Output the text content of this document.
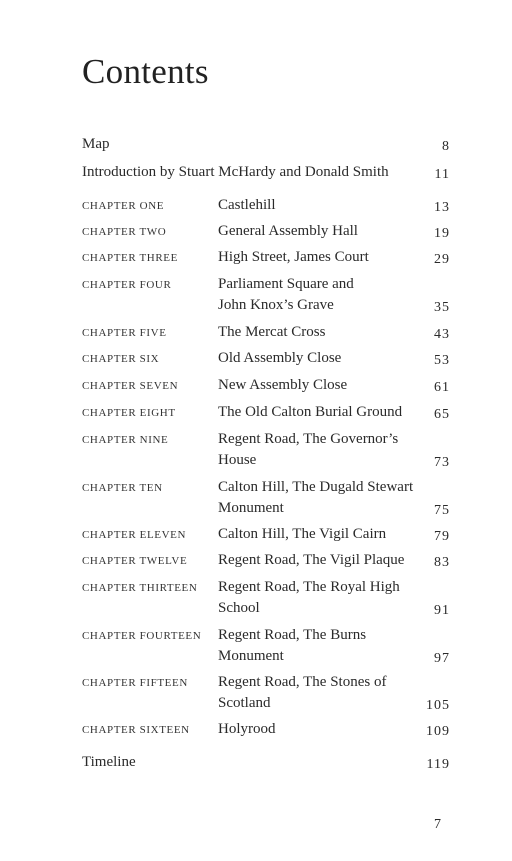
Contents
Map	8
Introduction by Stuart McHardy and Donald Smith	11
CHAPTER ONE	Castlehill	13
CHAPTER TWO	General Assembly Hall	19
CHAPTER THREE	High Street, James Court	29
CHAPTER FOUR	Parliament Square and John Knox’s Grave	35
CHAPTER FIVE	The Mercat Cross	43
CHAPTER SIX	Old Assembly Close	53
CHAPTER SEVEN	New Assembly Close	61
CHAPTER EIGHT	The Old Calton Burial Ground	65
CHAPTER NINE	Regent Road, The Governor’s House	73
CHAPTER TEN	Calton Hill, The Dugald Stewart Monument	75
CHAPTER ELEVEN Calton Hill, The Vigil Cairn	79
CHAPTER TWELVE Regent Road, The Vigil Plaque	83
CHAPTER THIRTEEN Regent Road, The Royal High School	91
CHAPTER FOURTEEN Regent Road, The Burns Monument	97
CHAPTER FIFTEEN Regent Road, The Stones of Scotland	105
CHAPTER SIXTEEN Holyrood	109
Timeline	119
7
